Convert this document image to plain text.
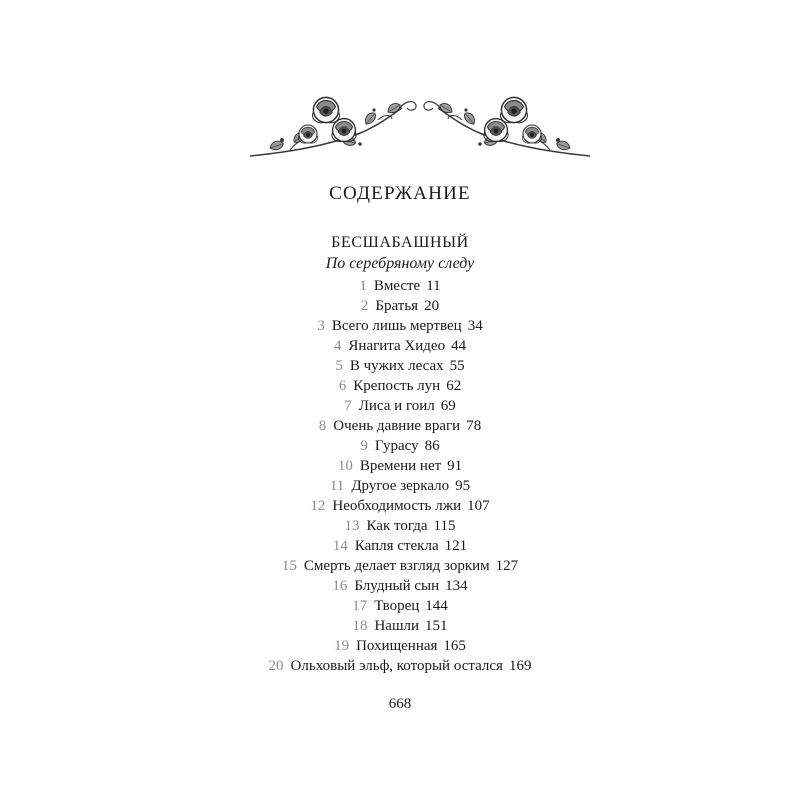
СОДЕРЖАНИЕ
БЕСШАБАШНЫЙ
По серебряному следу
1 Вместе 11
2 Братья 20
3 Всего лишь мертвец 34
4 Янагита Хидео 44
5 В чужих лесах 55
6 Крепость лун 62
7 Лиса и гоил 69
8 Очень давние враги 78
9 Гурасу 86
10 Времени нет 91
11 Другое зеркало 95
12 Необходимость лжи 107
13 Как тогда 115
14 Капля стекла 121
15 Смерть делает взгляд зорким 127
16 Блудный сын 134
17 Творец 144
18 Нашли 151
19 Похищенная 165
20 Ольховый эльф, который остался 169
668
